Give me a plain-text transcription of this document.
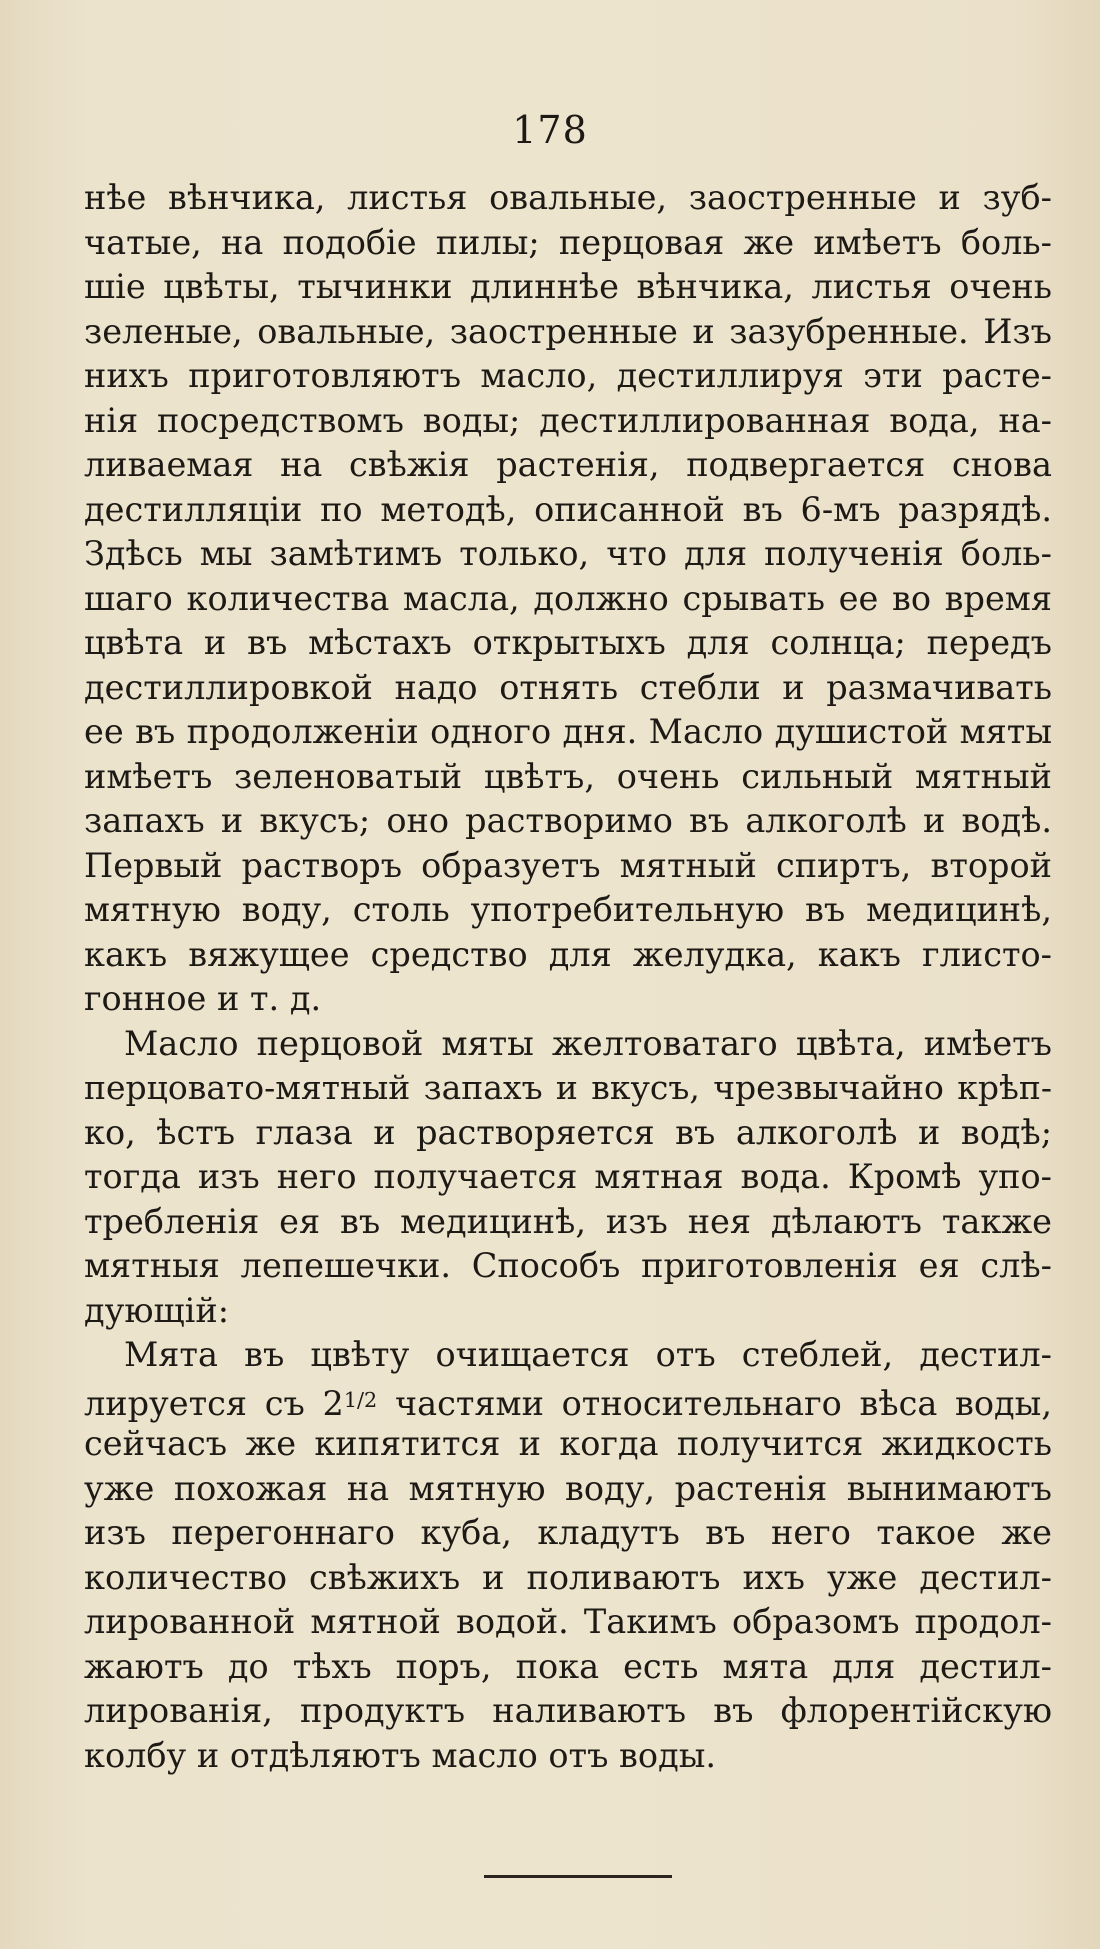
178
нѣе вѣнчика, листья овальные, заостренные и зуб-
чатые, на подобіе пилы; перцовая же имѣетъ боль-
шіе цвѣты, тычинки длиннѣе вѣнчика, листья очень
зеленые, овальные, заостренные и зазубренные. Изъ
нихъ приготовляютъ масло, дестиллируя эти расте-
нія посредствомъ воды; дестиллированная вода, на-
ливаемая на свѣжія растенія, подвергается снова
дестилляціи по методѣ, описанной въ 6-мъ разрядѣ.
Здѣсь мы замѣтимъ только, что для полученія боль-
шаго количества масла, должно срывать ее во время
цвѣта и въ мѣстахъ открытыхъ для солнца; передъ
дестиллировкой надо отнять стебли и размачивать
ее въ продолженіи одного дня. Масло душистой мяты
имѣетъ зеленоватый цвѣтъ, очень сильный мятный
запахъ и вкусъ; оно растворимо въ алкоголѣ и водѣ.
Первый растворъ образуетъ мятный спиртъ, второй
мятную воду, столь употребительную въ медицинѣ,
какъ вяжущее средство для желудка, какъ глисто-
гонное и т. д.
Масло перцовой мяты желтоватаго цвѣта, имѣетъ
перцовато-мятный запахъ и вкусъ, чрезвычайно крѣп-
ко, ѣстъ глаза и растворяется въ алкоголѣ и водѣ;
тогда изъ него получается мятная вода. Кромѣ упо-
требленія ея въ медицинѣ, изъ нея дѣлаютъ также
мятныя лепешечки. Способъ приготовленія ея слѣ-
дующій:
Мята въ цвѣту очищается отъ стеблей, дестил-
лируется съ $2^{1/2}$ частями относительнаго вѣса воды,
сейчасъ же кипятится и когда получится жидкость
уже похожая на мятную воду, растенія вынимаютъ
изъ перегоннаго куба, кладутъ въ него такое же
количество свѣжихъ и поливаютъ ихъ уже дестил-
лированной мятной водой. Такимъ образомъ продол-
жаютъ до тѣхъ поръ, пока есть мята для дестил-
лированія, продуктъ наливаютъ въ флорентійскую
колбу и отдѣляютъ масло отъ воды.
